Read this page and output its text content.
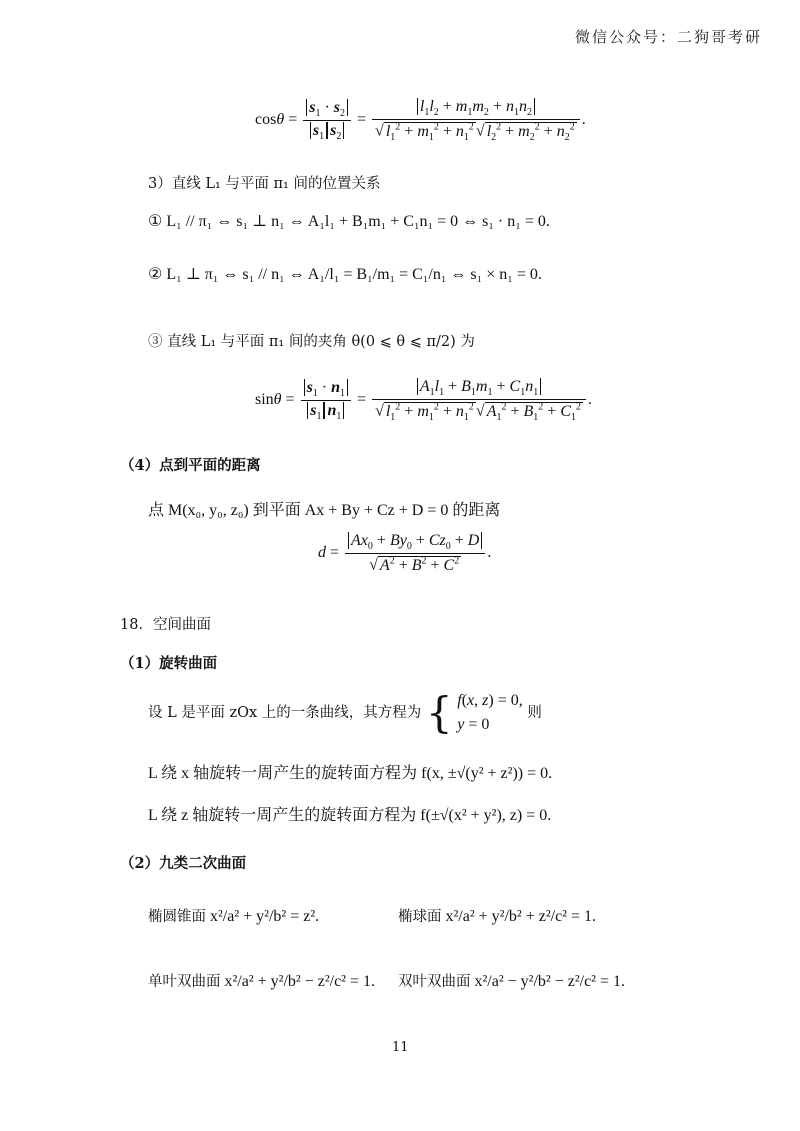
微信公众号：二狗哥考研
$\cos\theta = \frac{s_1 \cdot s_2}{s_1 s_2} = \frac{l_1l_2 + m_1m_2 + n_1n_2}{√ l_1^2 + m_1^2 + n_1^2 √ l_2^2 + m_2^2 + n_2^2}$ .
3）直线 L₁ 与平面 π₁ 间的位置关系
① L₁ // π₁ ⇔ s₁ ⊥ n₁ ⇔ A₁l₁ + B₁m₁ + C₁n₁ = 0 ⇔ s₁ · n₁ = 0.
② L₁ ⊥ π₁ ⇔ s₁ // n₁ ⇔ A₁/l₁ = B₁/m₁ = C₁/n₁ ⇔ s₁ × n₁ = 0.
③ 直线 L₁ 与平面 π₁ 间的夹角 θ(0 ⩽ θ ⩽ π/2) 为
$\sin\theta = \frac{s_1 \cdot n_1}{s_1 n_1} = \frac{A_1l_1 + B_1m_1 + C_1n_1}{√ l_1^2 + m_1^2 + n_1^2 √ A_1^2 + B_1^2 + C_1^2}$ .
（4）点到平面的距离
点 M(x₀, y₀, z₀) 到平面 Ax + By + Cz + D = 0 的距离
$d = \frac{Ax_0 + By_0 + Cz_0 + D}{√ A^2 + B^2 + C^2}$ .
18．空间曲面
（1）旋转曲面
设 L 是平面 zOx 上的一条曲线，其方程为 { f(x, z) = 0,
y = 0
则
L 绕 x 轴旋转一周产生的旋转面方程为 f(x, ±√(y² + z²)) = 0.
L 绕 z 轴旋转一周产生的旋转面方程为 f(±√(x² + y²), z) = 0.
（2）九类二次曲面
椭圆锥面 x²/a² + y²/b² = z².	椭球面 x²/a² + y²/b² + z²/c² = 1.
单叶双曲面 x²/a² + y²/b² − z²/c² = 1. 双叶双曲面 x²/a² − y²/b² − z²/c² = 1.
11
